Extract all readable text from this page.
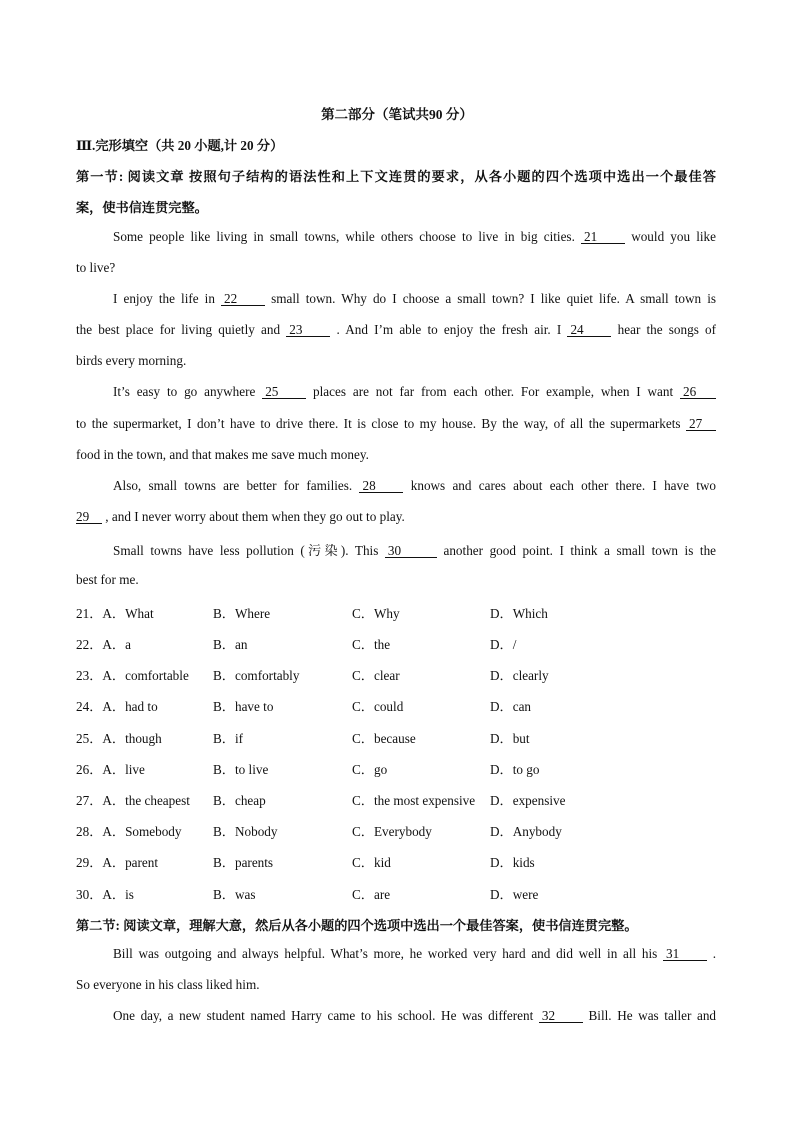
第二部分（笔试共90 分）
Ⅲ.完形填空（共 20 小题,计 20 分）
第一节: 阅读文章 按照句子结构的语法性和上下文连贯的要求，从各小题的四个选项中选出一个最佳答
案，使书信连贯完整。
Some people like living in small towns, while others choose to live in big cities. 21	would you like
to live?
I enjoy the life in 22	small town. Why do I choose a small town? I like quiet life. A small town is
the best place for living quietly and 23	. And I’m able to enjoy the fresh air. I 24	hear the songs of
birds every morning.
It’s easy to go anywhere 25	places are not far from each other. For example, when I want 26
to the supermarket, I don’t have to drive there. It is close to my house. By the way, of all the supermarkets 27
food in the town, and that makes me save much money.
Also, small towns are better for families. 28	knows and cares about each other there. I have two
29 , and I never worry about them when they go out to play.
Small towns have less pollution (污染). This 30	another good point. I think a small town is the
best for me.
21．A．What	B．Where	C．Why	D．Which
22．A．a	B．an	C．the	D．/
23．A．comfortable B．comfortably	C．clear	D．clearly
24．A．had to	B．have to	C．could	D．can
25．A．though	B．if	C．because	D．but
26．A．live	B．to live	C．go	D．to go
27．A．the cheapest B．cheap	C．the most expensive D．expensive
28．A．Somebody B．Nobody	C．Everybody	D．Anybody
29．A．parent	B．parents	C．kid	D．kids
30．A．is	B．was	C．are	D．were
第二节: 阅读文章，理解大意，然后从各小题的四个选项中选出一个最佳答案，使书信连贯完整。
Bill was outgoing and always helpful. What’s more, he worked very hard and did well in all his 31	.
So everyone in his class liked him.
One day, a new student named Harry came to his school. He was different 32	Bill. He was taller and
